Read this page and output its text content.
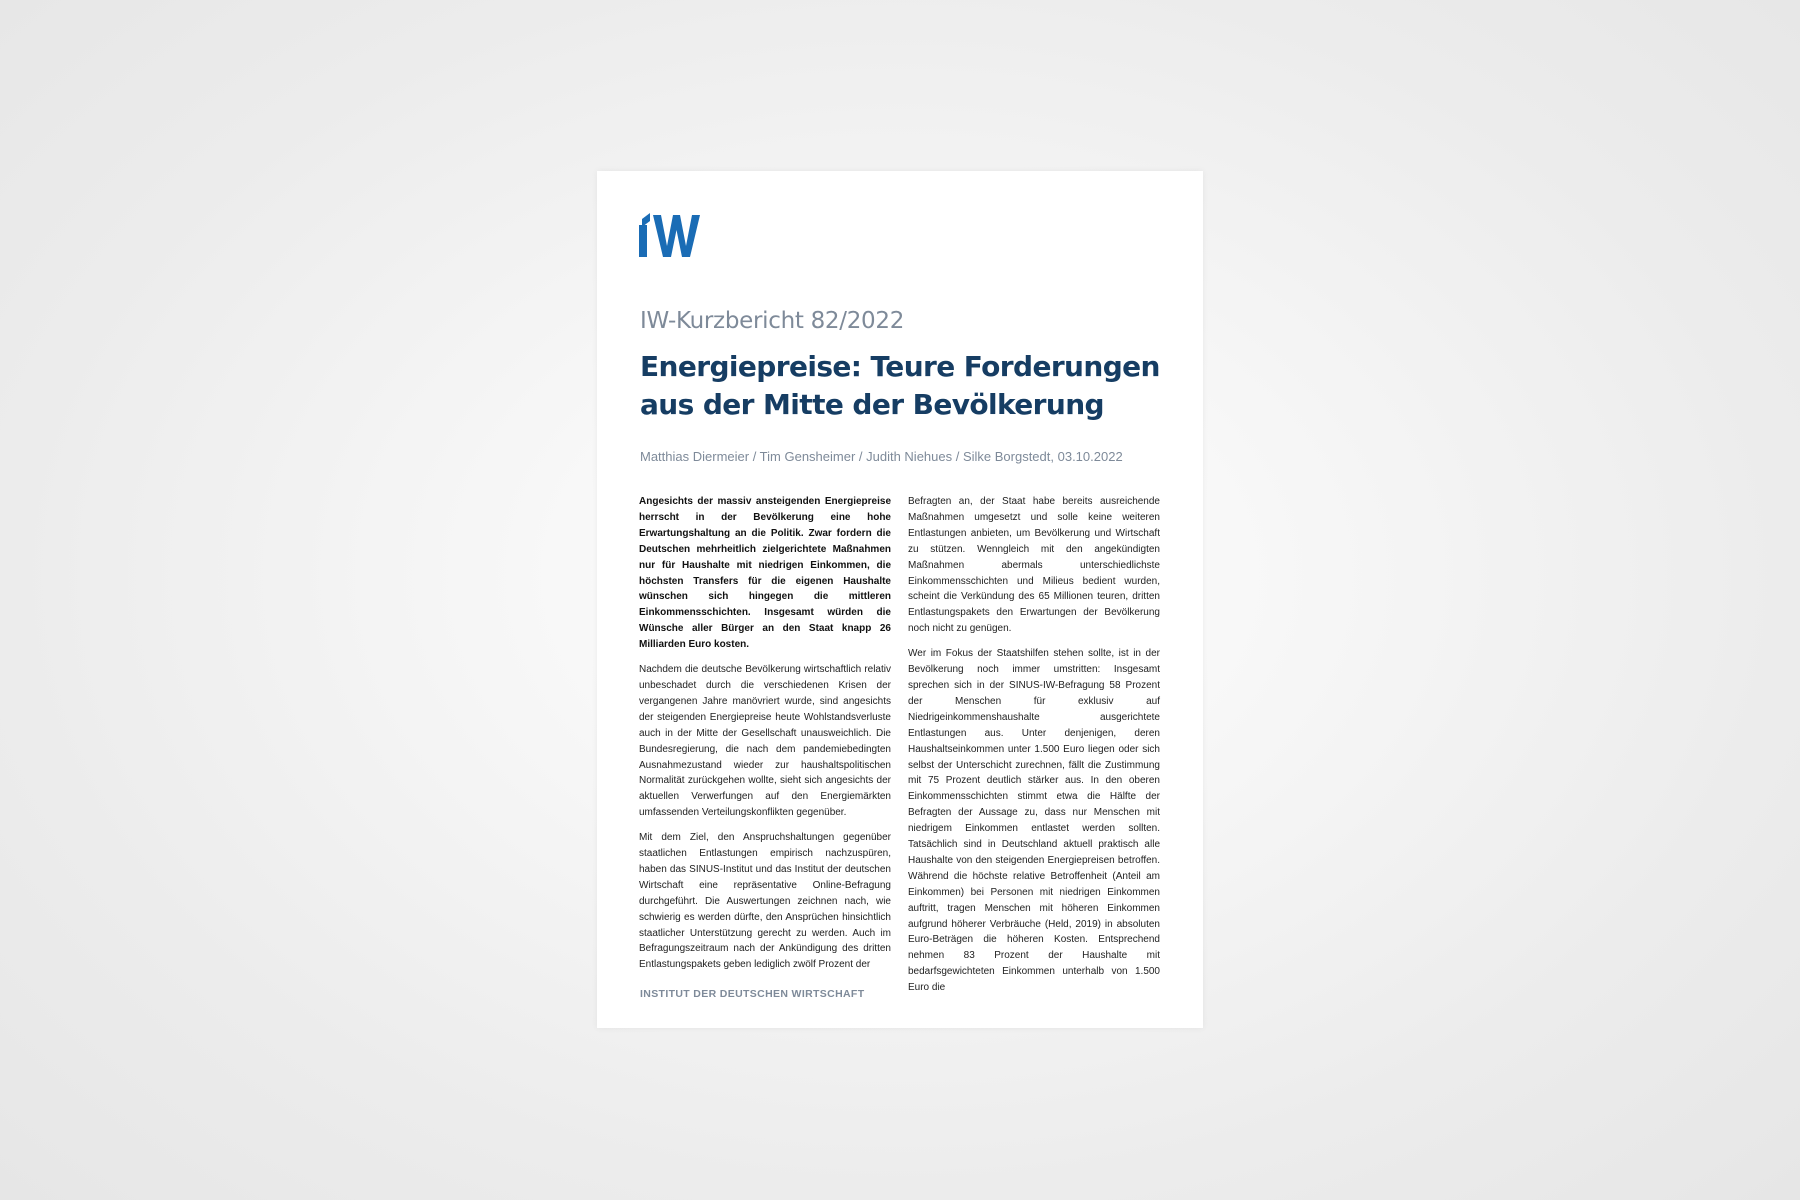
IW-Kurzbericht 82/2022
Energiepreise: Teure Forderungen
aus der Mitte der Bevölkerung
Matthias Diermeier / Tim Gensheimer / Judith Niehues / Silke Borgstedt, 03.10.2022

Angesichts der massiv ansteigenden Energiepreise herrscht in der Bevölkerung eine hohe Erwartungshaltung an die Politik. Zwar fordern die Deutschen mehrheitlich zielgerichtete Maßnahmen nur für Haushalte mit niedrigen Einkommen, die höchsten Transfers für die eigenen Haushalte wünschen sich hingegen die mittleren Einkommensschichten. Insgesamt würden die Wünsche aller Bürger an den Staat knapp 26 Milliarden Euro kosten.

Nachdem die deutsche Bevölkerung wirtschaftlich relativ unbeschadet durch die verschiedenen Krisen der vergangenen Jahre manövriert wurde, sind angesichts der steigenden Energiepreise heute Wohlstandsverluste auch in der Mitte der Gesellschaft unausweichlich. Die Bundesregierung, die nach dem pandemiebedingten Ausnahmezustand wieder zur haushaltspolitischen Normalität zurückgehen wollte, sieht sich angesichts der aktuellen Verwerfungen auf den Energiemärkten umfassenden Verteilungskonflikten gegenüber.

Mit dem Ziel, den Anspruchshaltungen gegenüber staatlichen Entlastungen empirisch nachzuspüren, haben das SINUS-Institut und das Institut der deutschen Wirtschaft eine repräsentative Online-Befragung durchgeführt. Die Auswertungen zeichnen nach, wie schwierig es werden dürfte, den Ansprüchen hinsichtlich staatlicher Unterstützung gerecht zu werden. Auch im Befragungszeitraum nach der Ankündigung des dritten Entlastungspakets geben lediglich zwölf Prozent der

Befragten an, der Staat habe bereits ausreichende Maßnahmen umgesetzt und solle keine weiteren Entlastungen anbieten, um Bevölkerung und Wirtschaft zu stützen. Wenngleich mit den angekündigten Maßnahmen abermals unterschiedlichste Einkommensschichten und Milieus bedient wurden, scheint die Verkündung des 65 Millionen teuren, dritten Entlastungspakets den Erwartungen der Bevölkerung noch nicht zu genügen.

Wer im Fokus der Staatshilfen stehen sollte, ist in der Bevölkerung noch immer umstritten: Insgesamt sprechen sich in der SINUS-IW-Befragung 58 Prozent der Menschen für exklusiv auf Niedrigeinkommenshaushalte ausgerichtete Entlastungen aus. Unter denjenigen, deren Haushaltseinkommen unter 1.500 Euro liegen oder sich selbst der Unterschicht zurechnen, fällt die Zustimmung mit 75 Prozent deutlich stärker aus. In den oberen Einkommensschichten stimmt etwa die Hälfte der Befragten der Aussage zu, dass nur Menschen mit niedrigem Einkommen entlastet werden sollten. Tatsächlich sind in Deutschland aktuell praktisch alle Haushalte von den steigenden Energiepreisen betroffen. Während die höchste relative Betroffenheit (Anteil am Einkommen) bei Personen mit niedrigen Einkommen auftritt, tragen Menschen mit höheren Einkommen aufgrund höherer Verbräuche (Held, 2019) in absoluten Euro-Beträgen die höheren Kosten. Entsprechend nehmen 83 Prozent der Haushalte mit bedarfsgewichteten Einkommen unterhalb von 1.500 Euro die

INSTITUT DER DEUTSCHEN WIRTSCHAFT
